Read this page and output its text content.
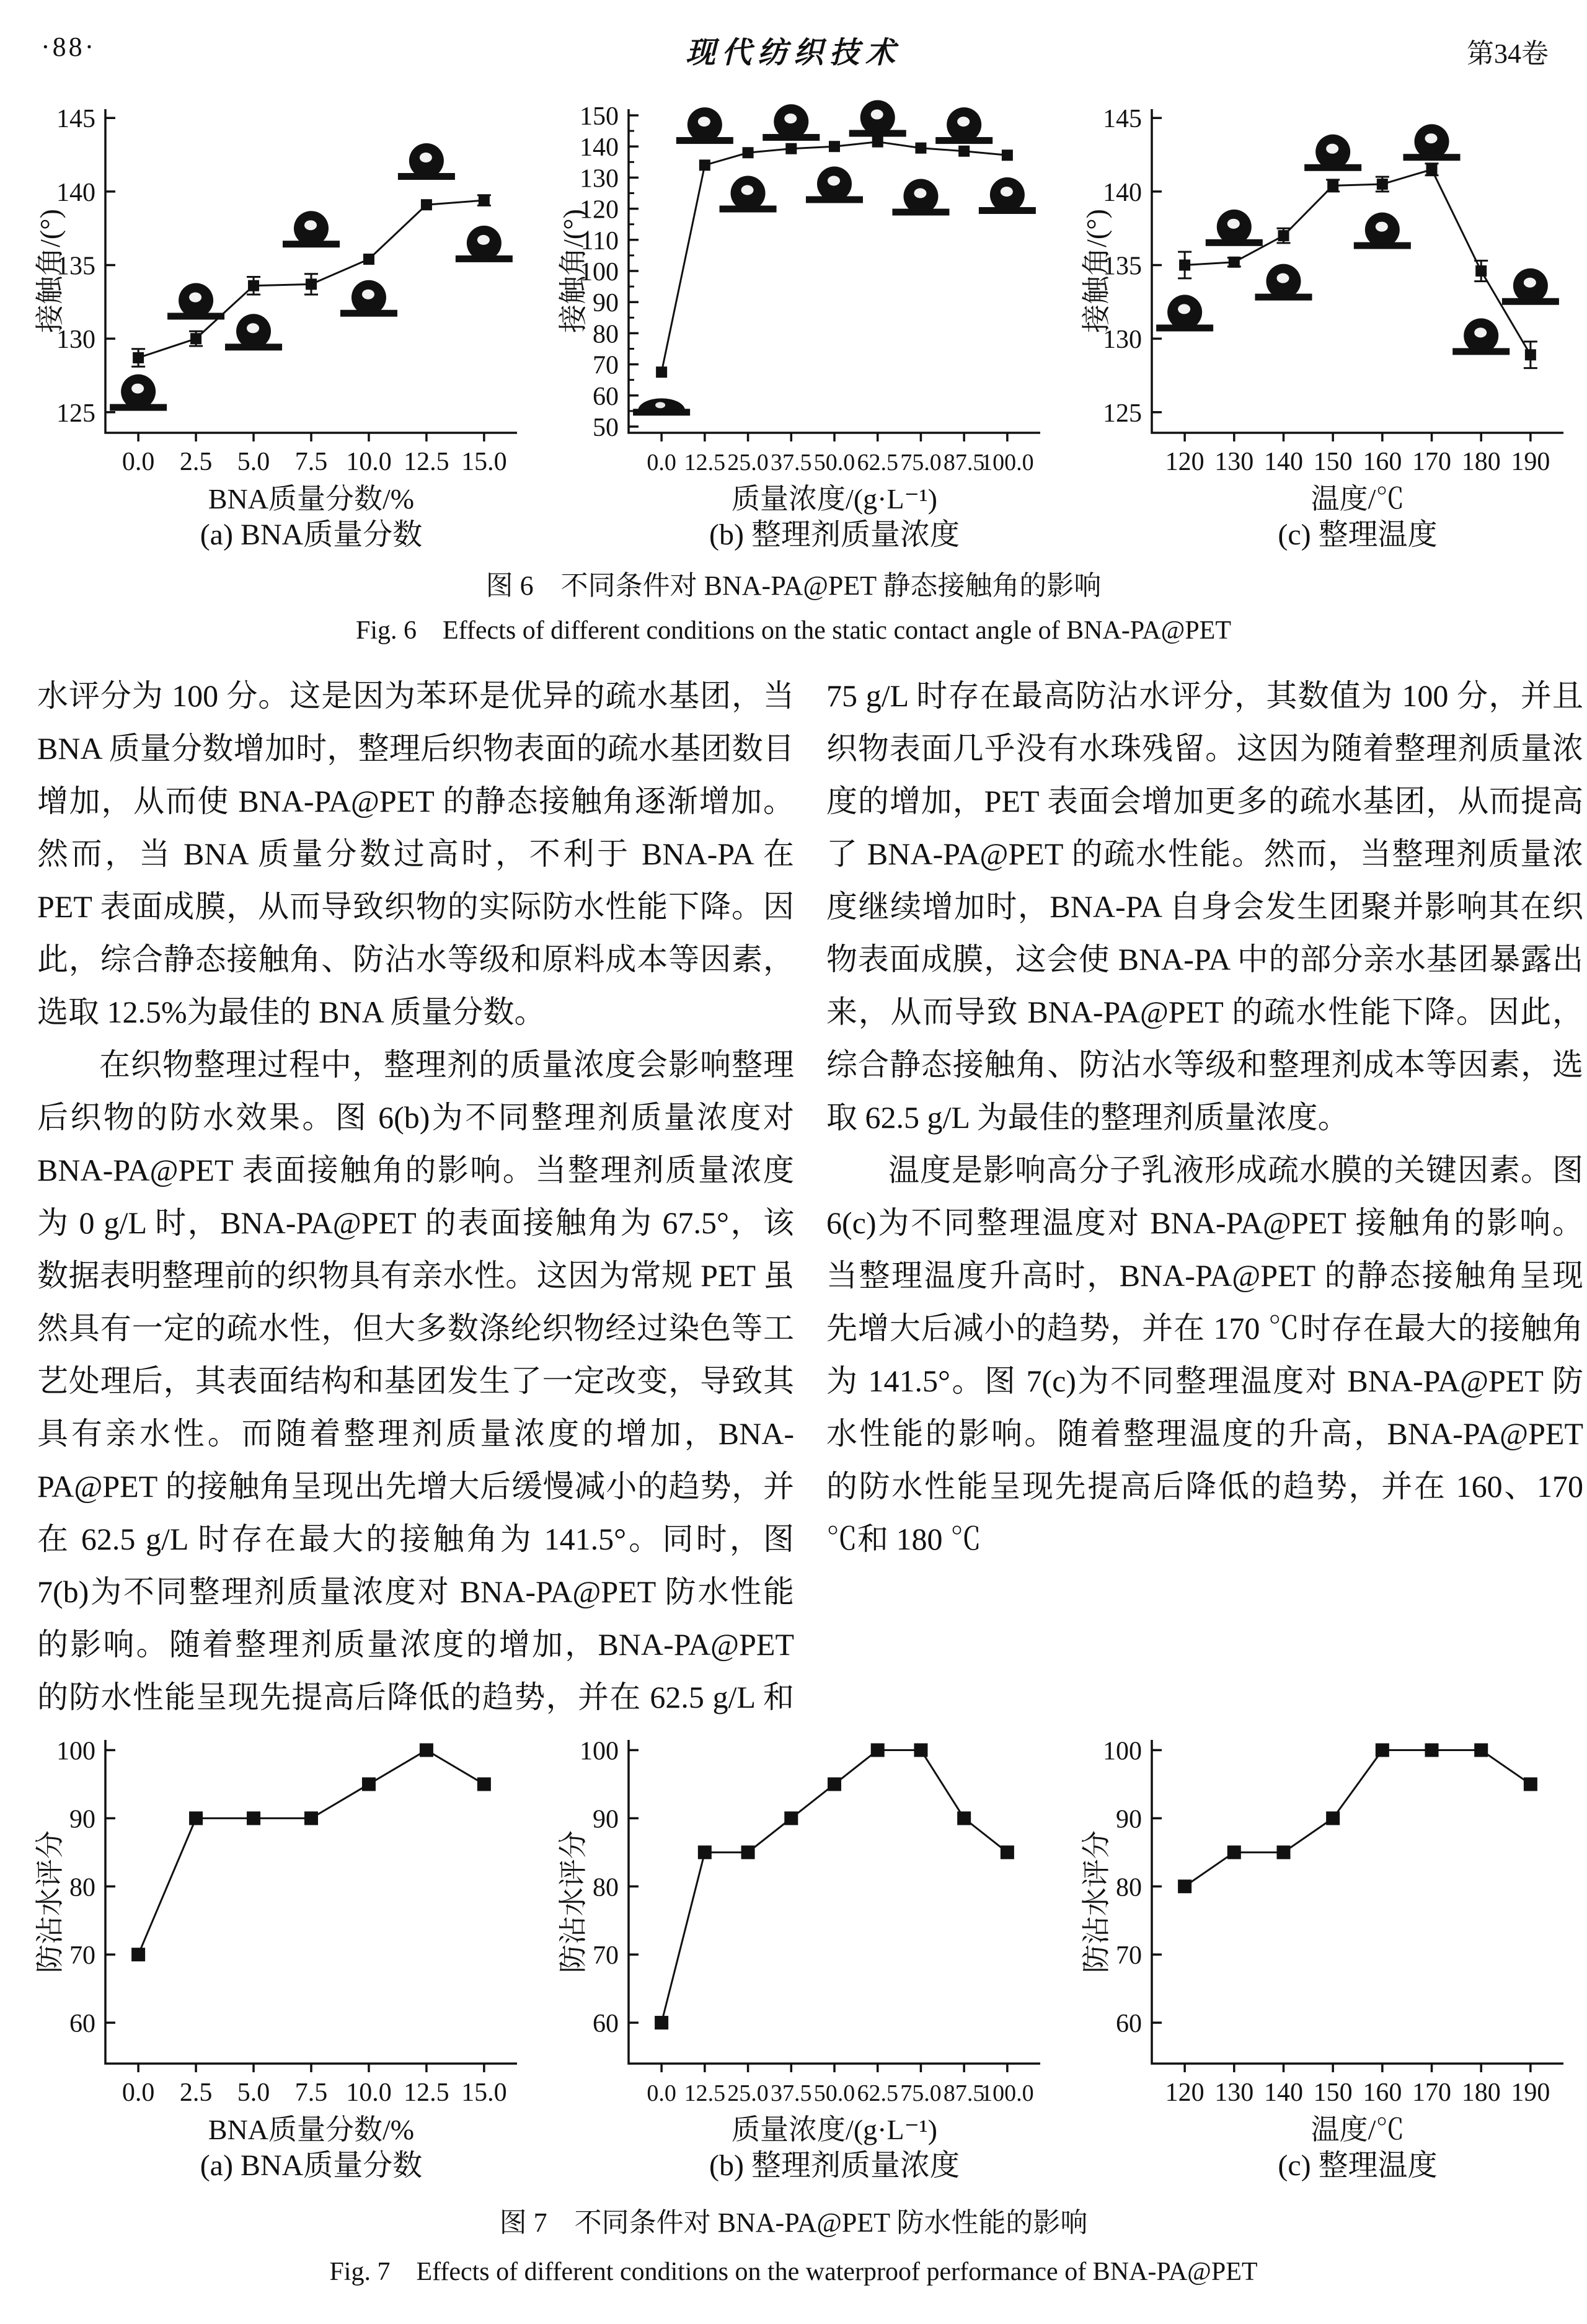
·88·	现代纺织技术	第34卷
125
130
135
140
145
0.0 2.5 5.0 7.5 10.0 12.5 15.0
接触角/(°)
BNA质量分数/%
(a) BNA质量分数
50
60
70
80
90
100
110
120
130
140
150
0.0 12.5 25.0 37.5 50.0 62.5 75.0 87.5
100.0
接触角/(°)
质量浓度/(g·L⁻¹)
(b) 整理剂质量浓度
125
130
135
140
145
120 130 140 150 160 170 180 190
接触角/(°)
温度/℃
(c) 整理温度
图 6　不同条件对 BNA-PA@PET 静态接触角的影响
Fig. 6　Effects of different conditions on the static contact angle of BNA-PA@PET

水评分为 100 分。这是因为苯环是优异的疏水基团，当 BNA 质量分数增加时，整理后织物表面的疏水基团数目增加，从而使 BNA-PA@PET 的静态接触角逐渐增加。然而，当 BNA 质量分数过高时，不利于 BNA-PA 在 PET 表面成膜，从而导致织物的实际防水性能下降。因此，综合静态接触角、防沾水等级和原料成本等因素，选取 12.5%为最佳的 BNA 质量分数。

在织物整理过程中，整理剂的质量浓度会影响整理后织物的防水效果。图 6(b)为不同整理剂质量浓度对 BNA-PA@PET 表面接触角的影响。当整理剂质量浓度为 0 g/L 时，BNA-PA@PET 的表面接触角为 67.5°，该数据表明整理前的织物具有亲水性。这因为常规 PET 虽然具有一定的疏水性，但大多数涤纶织物经过染色等工艺处理后，其表面结构和基团发生了一定改变，导致其具有亲水性。而随着整理剂质量浓度的增加，BNA-PA@PET 的接触角呈现出先增大后缓慢减小的趋势，并在 62.5 g/L 时存在最大的接触角为 141.5°。同时，图 7(b)为不同整理剂质量浓度对 BNA-PA@PET 防水性能的影响。随着整理剂质量浓度的增加，BNA-PA@PET 的防水性能呈现先提高后降低的趋势，并在 62.5 g/L 和 75 g/L 时存在最高防沾水评分，其数值为 100 分，并且织物表面几乎没有水珠残留。这因为随着整理剂质量浓度的增加，PET 表面会增加更多的疏水基团，从而提高了 BNA-PA@PET 的疏水性能。然而，当整理剂质量浓度继续增加时，BNA-PA 自身会发生团聚并影响其在织物表面成膜，这会使 BNA-PA 中的部分亲水基团暴露出来，从而导致 BNA-PA@PET 的疏水性能下降。因此，综合静态接触角、防沾水等级和整理剂成本等因素，选取 62.5 g/L 为最佳的整理剂质量浓度。

温度是影响高分子乳液形成疏水膜的关键因素。图 6(c)为不同整理温度对 BNA-PA@PET 接触角的影响。当整理温度升高时，BNA-PA@PET 的静态接触角呈现先增大后减小的趋势，并在 170 ℃时存在最大的接触角为 141.5°。图 7(c)为不同整理温度对 BNA-PA@PET 防水性能的影响。随着整理温度的升高，BNA-PA@PET 的防水性能呈现先提高后降低的趋势，并在 160、170 ℃和 180 ℃

60
70
80
90
100
0.0 2.5 5.0 7.5 10.0 12.5 15.0
防沾水评分
BNA质量分数/%
(a) BNA质量分数
60
70
80
90
100
0.0 12.5 25.0 37.5 50.0 62.5 75.0 87.5
100.0
防沾水评分
质量浓度/(g·L⁻¹)
(b) 整理剂质量浓度
60
70
80
90
100
120 130 140 150 160 170 180 190
防沾水评分
温度/℃
(c) 整理温度
图 7　不同条件对 BNA-PA@PET 防水性能的影响
Fig. 7　Effects of different conditions on the waterproof performance of BNA-PA@PET
